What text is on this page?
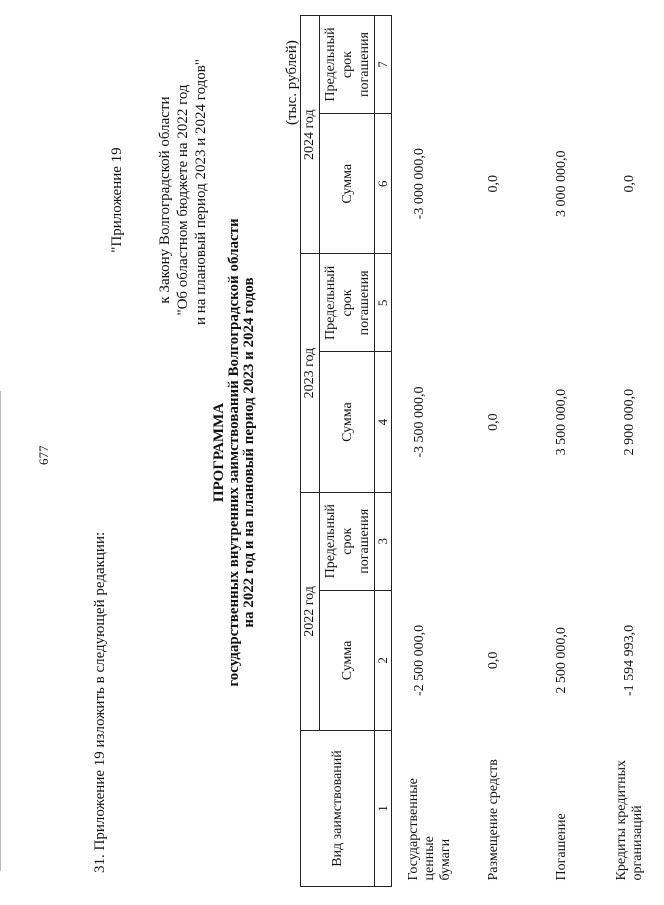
677
31. Приложение 19 изложить в следующей редакции:
"Приложение 19 к Закону Волгоградской области "Об областном бюджете на 2022 год и на плановый период 2023 и 2024 годов"
ПРОГРАММА государственных внутренних заимствований Волгоградской области на 2022 год и на плановый период 2023 и 2024 годов
(тыс. рублей)
Вид заимствований	2022 год		2023 год		2024 год	
	Сумма	Предельный срок погашения	Сумма	Предельный срок погашения	Сумма	Предельный срок погашения
1	2	3	4	5	6	7
Государственные ценные
бумаги	-2 500 000,0		-3 500 000,0		-3 000 000,0	
Размещение средств	0,0		0,0		0,0	
Погашение	2 500 000,0		3 500 000,0		3 000 000,0	
Кредиты кредитных
организаций	-1 594 993,0		2 900 000,0		0,0	
